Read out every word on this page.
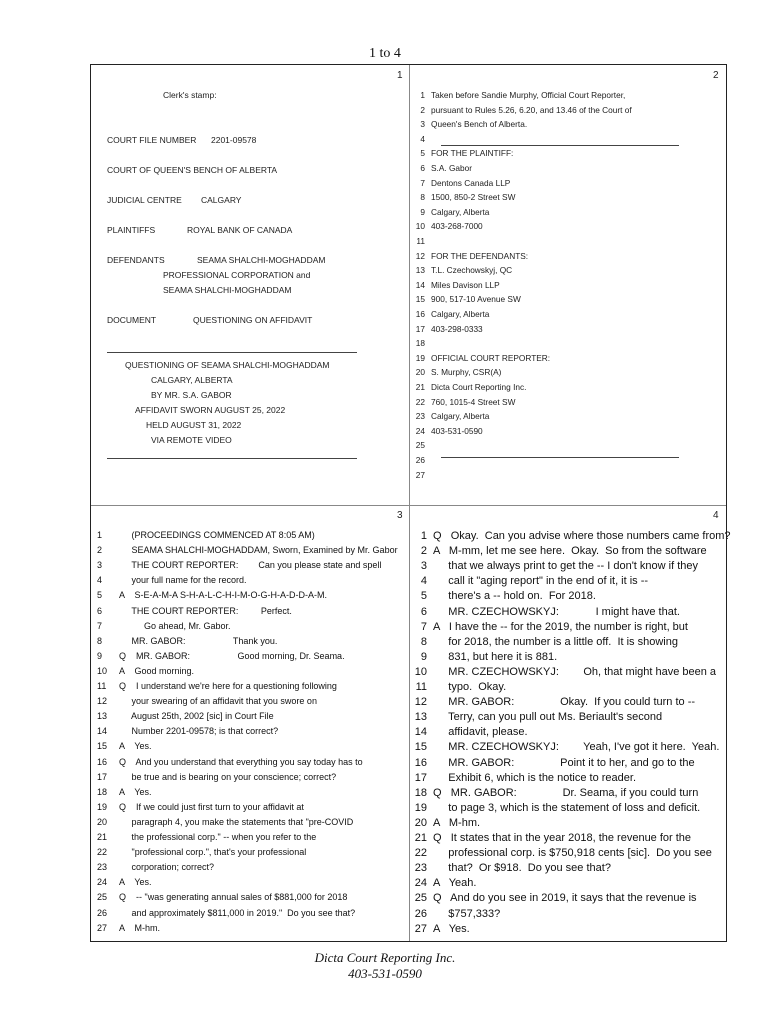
1 to 4
1	2
3	4
Clerk's stamp:
COURT FILE NUMBER 2201-09578
COURT OF QUEEN'S BENCH OF ALBERTA
JUDICIAL CENTRE CALGARY
PLAINTIFFS	ROYAL BANK OF CANADA
DEFENDANTS	SEAMA SHALCHI-MOGHADDAM
PROFESSIONAL CORPORATION and
SEAMA SHALCHI-MOGHADDAM
DOCUMENT	QUESTIONING ON AFFIDAVIT
QUESTIONING OF SEAMA SHALCHI-MOGHADDAM
CALGARY, ALBERTA
BY MR. S.A. GABOR
AFFIDAVIT SWORN AUGUST 25, 2022
HELD AUGUST 31, 2022
VIA REMOTE VIDEO
1 Taken before Sandie Murphy, Official Court Reporter,
2 pursuant to Rules 5.26, 6.20, and 13.46 of the Court of
3 Queen's Bench of Alberta.
4
5 FOR THE PLAINTIFF:
6 S.A. Gabor
7 Dentons Canada LLP
8 1500, 850-2 Street SW
9 Calgary, Alberta
10 403-268-7000
11
12 FOR THE DEFENDANTS:
13 T.L. Czechowskyj, QC
14 Miles Davison LLP
15 900, 517-10 Avenue SW
16 Calgary, Alberta
17 403-298-0333
18
19 OFFICIAL COURT REPORTER:
20 S. Murphy, CSR(A)
21 Dicta Court Reporting Inc.
22 760, 1015-4 Street SW
23 Calgary, Alberta
24 403-531-0590
25
26
27
1     (PROCEEDINGS COMMENCED AT 8:05 AM)
2     SEAMA SHALCHI-MOGHADDAM, Sworn, Examined by Mr. Gabor
3     THE COURT REPORTER:        Can you please state and spell
4     your full name for the record.
5 A    S-E-A-M-A S-H-A-L-C-H-I-M-O-G-H-A-D-D-A-M.
6     THE COURT REPORTER:         Perfect.
7          Go ahead, Mr. Gabor.
8     MR. GABOR:                   Thank you.
9 Q    MR. GABOR:                   Good morning, Dr. Seama.
10 A    Good morning.
11 Q    I understand we're here for a questioning following
12     your swearing of an affidavit that you swore on
13     August 25th, 2002 [sic] in Court File
14     Number 2201-09578; is that correct?
15 A    Yes.
16 Q    And you understand that everything you say today has to
17     be true and is bearing on your conscience; correct?
18 A    Yes.
19 Q    If we could just first turn to your affidavit at
20     paragraph 4, you make the statements that "pre-COVID
21     the professional corp." -- when you refer to the
22     "professional corp.", that's your professional
23     corporation; correct?
24 A    Yes.
25 Q    -- "was generating annual sales of $881,000 for 2018
26     and approximately $811,000 in 2019."  Do you see that?
27 A    M-hm.
1 Q   Okay.  Can you advise where those numbers came from?
2 A   M-mm, let me see here.  Okay.  So from the software
3     that we always print to get the -- I don't know if they
4     call it "aging report" in the end of it, it is --
5     there's a -- hold on.  For 2018.
6     MR. CZECHOWSKYJ:            I might have that.
7 A   I have the -- for the 2019, the number is right, but
8     for 2018, the number is a little off.  It is showing
9     831, but here it is 881.
10     MR. CZECHOWSKYJ:        Oh, that might have been a
11     typo.  Okay.
12     MR. GABOR:               Okay.  If you could turn to --
13     Terry, can you pull out Ms. Beriault's second
14     affidavit, please.
15     MR. CZECHOWSKYJ:        Yeah, I've got it here.  Yeah.
16     MR. GABOR:               Point it to her, and go to the
17     Exhibit 6, which is the notice to reader.
18 Q   MR. GABOR:               Dr. Seama, if you could turn
19     to page 3, which is the statement of loss and deficit.
20 A   M-hm.
21 Q   It states that in the year 2018, the revenue for the
22     professional corp. is $750,918 cents [sic].  Do you see
23     that?  Or $918.  Do you see that?
24 A   Yeah.
25 Q   And do you see in 2019, it says that the revenue is
26     $757,333?
27 A   Yes.
Dicta Court Reporting Inc.
403-531-0590
